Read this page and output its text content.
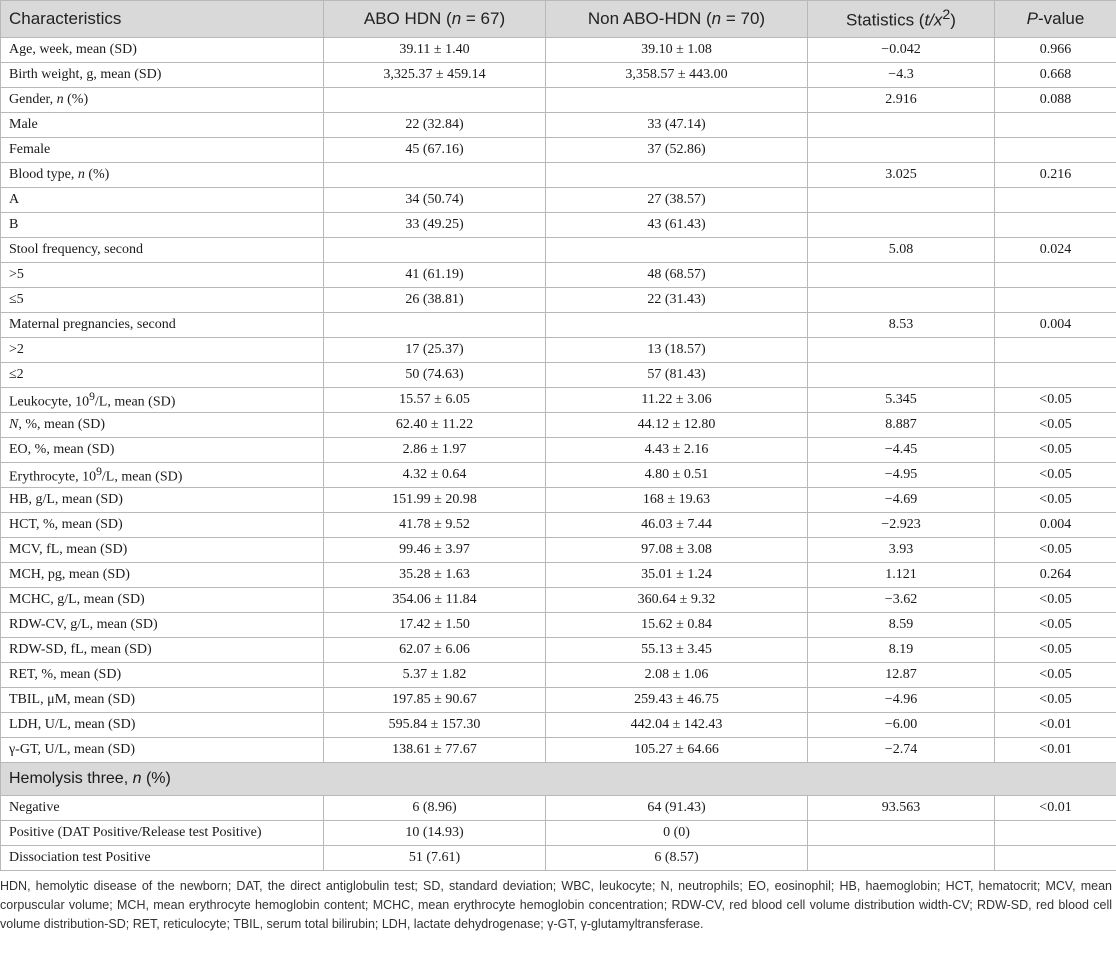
Characteristics	ABO HDN (n = 67)	Non ABO-HDN (n = 70)	Statistics $(t/x^2)$	P-value
Age, week, mean (SD)	39.11 ± 1.40	39.10 ± 1.08	−0.042	0.966
Birth weight, g, mean (SD)	3,325.37 ± 459.14	3,358.57 ± 443.00	−4.3	0.668
Gender, n (%)			2.916	0.088
Male	22 (32.84)	33 (47.14)		
Female	45 (67.16)	37 (52.86)		
Blood type, n (%)			3.025	0.216
A	34 (50.74)	27 (38.57)		
B	33 (49.25)	43 (61.43)		
Stool frequency, second			5.08	0.024
>5	41 (61.19)	48 (68.57)		
≤5	26 (38.81)	22 (31.43)		
Maternal pregnancies, second			8.53	0.004
>2	17 (25.37)	13 (18.57)		
≤2	50 (74.63)	57 (81.43)		
Leukocyte, $10^9/L$, mean (SD)	15.57 ± 6.05	11.22 ± 3.06	5.345	<0.05
N, %, mean (SD)	62.40 ± 11.22	44.12 ± 12.80	8.887	<0.05
EO, %, mean (SD)	2.86 ± 1.97	4.43 ± 2.16	−4.45	<0.05
Erythrocyte, $10^9/L$, mean (SD)	4.32 ± 0.64	4.80 ± 0.51	−4.95	<0.05
HB, g/L, mean (SD)	151.99 ± 20.98	168 ± 19.63	−4.69	<0.05
HCT, %, mean (SD)	41.78 ± 9.52	46.03 ± 7.44	−2.923	0.004
MCV, fL, mean (SD)	99.46 ± 3.97	97.08 ± 3.08	3.93	<0.05
MCH, pg, mean (SD)	35.28 ± 1.63	35.01 ± 1.24	1.121	0.264
MCHC, g/L, mean (SD)	354.06 ± 11.84	360.64 ± 9.32	−3.62	<0.05
RDW-CV, g/L, mean (SD)	17.42 ± 1.50	15.62 ± 0.84	8.59	<0.05
RDW-SD, fL, mean (SD)	62.07 ± 6.06	55.13 ± 3.45	8.19	<0.05
RET, %, mean (SD)	5.37 ± 1.82	2.08 ± 1.06	12.87	<0.05
TBIL, μM, mean (SD)	197.85 ± 90.67	259.43 ± 46.75	−4.96	<0.05
LDH, U/L, mean (SD)	595.84 ± 157.30	442.04 ± 142.43	−6.00	<0.01
γ-GT, U/L, mean (SD)	138.61 ± 77.67	105.27 ± 64.66	−2.74	<0.01
Hemolysis three, n (%)				
Negative	6 (8.96)	64 (91.43)	93.563	<0.01
Positive (DAT Positive/Release test Positive)	10 (14.93)	0 (0)		
Dissociation test Positive	51 (7.61)	6 (8.57)		
HDN, hemolytic disease of the newborn; DAT, the direct antiglobulin test; SD, standard deviation; WBC, leukocyte; N, neutrophils; EO, eosinophil; HB, haemoglobin; HCT, hematocrit; MCV, mean corpuscular volume; MCH, mean erythrocyte hemoglobin content; MCHC, mean erythrocyte hemoglobin concentration; RDW-CV, red blood cell volume distribution width-CV; RDW-SD, red blood cell volume distribution-SD; RET, reticulocyte; TBIL, serum total bilirubin; LDH, lactate dehydrogenase; γ-GT, γ-glutamyltransferase.
